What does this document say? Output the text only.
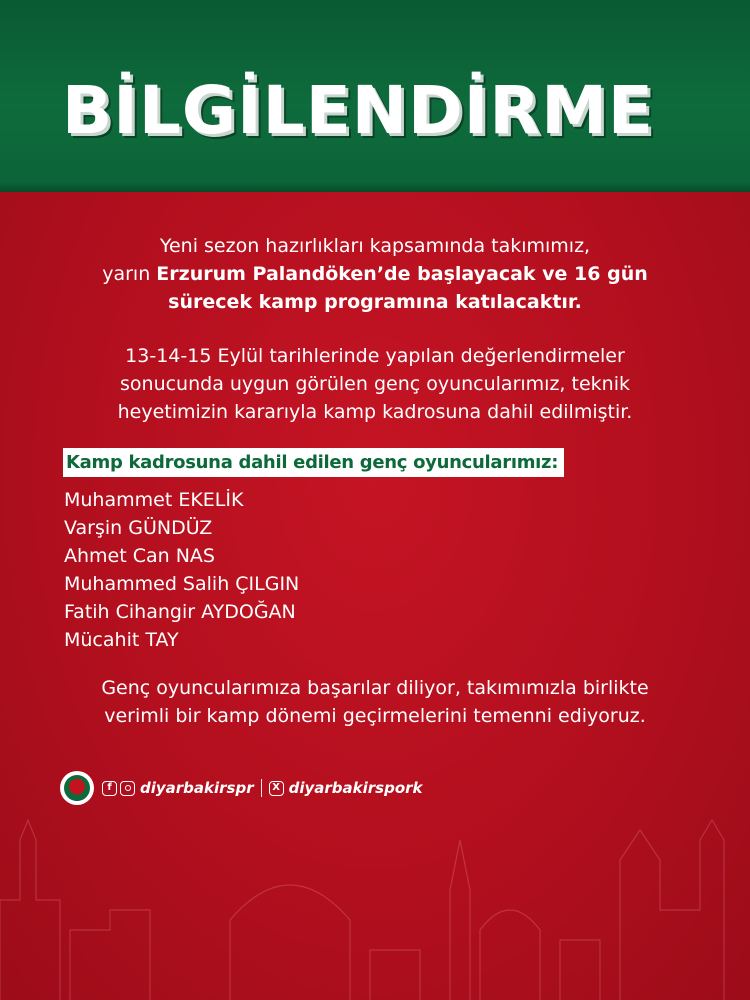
BİLGİLENDİRME

Yeni sezon hazırlıkları kapsamında takımımız,
yarın Erzurum Palandöken’de başlayacak ve 16 gün
sürecek kamp programına katılacaktır.

13-14-15 Eylül tarihlerinde yapılan değerlendirmeler
sonucunda uygun görülen genç oyuncularımız, teknik
heyetimizin kararıyla kamp kadrosuna dahil edilmiştir.

Kamp kadrosuna dahil edilen genç oyuncularımız:
Muhammet EKELİK
Varşin GÜNDÜZ
Ahmet Can NAS
Muhammed Salih ÇILGIN
Fatih Cihangir AYDOĞAN
Mücahit TAY

Genç oyuncularımıza başarılar diliyor, takımımızla birlikte
verimli bir kamp dönemi geçirmelerini temenni ediyoruz.

f	diyarbakirspr	X diyarbakirspork
